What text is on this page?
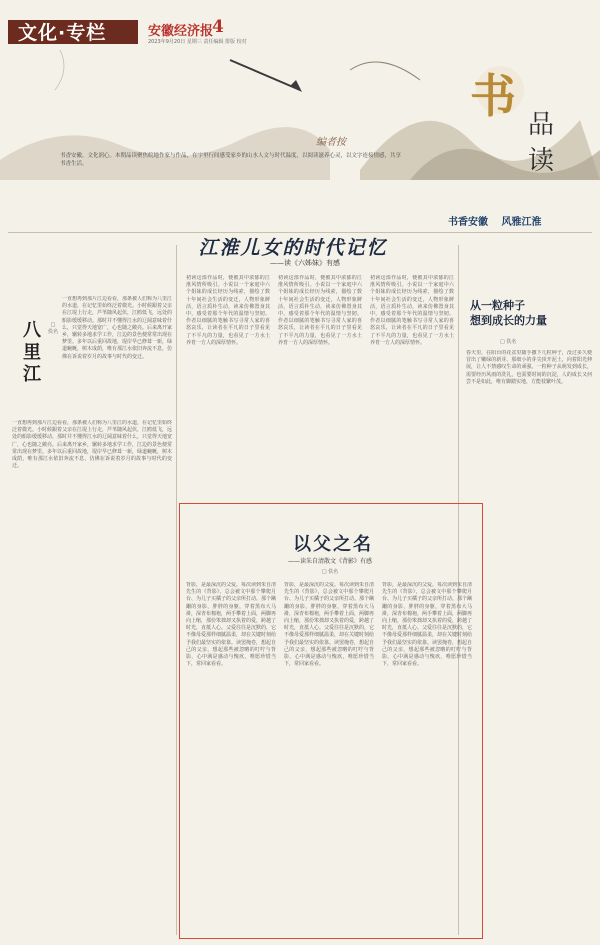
文化·专栏	安徽经济报
4
2023年9月20日 星期三 责任编辑 排版 校对
书
品
读
编者按
书香安徽，文化润心。本期品读聚焦皖地作家与作品，在字里行间感受家乡的山水人文与时代温度，以阅读滋养心灵，以文字连接情感，共享书香生活。
书香安徽 风雅江淮
八里江
□ 佚名
一直想再到那片江边看看，那条被人们称为八里江的水道，在记忆里始终泛着微光。小时候跟着父亲在江堤上行走，芦苇随风起伏，江鸥低飞，远处的船影缓缓移动。那时并不懂得江水的辽阔意味着什么，只觉得天地宽广，心也随之敞亮。后来离开家乡，辗转多地求学工作，江边的景色便常常出现在梦里。多年以后重回故地，堤岸早已修葺一新，绿道蜿蜒，树木成荫，唯有那江水依旧奔流不息，仿佛在诉说着岁月的故事与时代的变迁。
一直想再到那片江边看看，那条被人们称为八里江的水道，在记忆里始终泛着微光。小时候跟着父亲在江堤上行走，芦苇随风起伏，江鸥低飞，远处的船影缓缓移动。那时并不懂得江水的辽阔意味着什么，只觉得天地宽广，心也随之敞亮。后来离开家乡，辗转多地求学工作，江边的景色便常常出现在梦里。多年以后重回故地，堤岸早已修葺一新，绿道蜿蜒，树木成荫，唯有那江水依旧奔流不息，仿佛在诉说着岁月的故事与时代的变迁。
江淮儿女的时代记忆
——读《六姊妹》有感
初读这部作品时，便被其中浓郁的江淮风情所吸引。小说以一个家庭中六个姐妹的成长经历为线索，描绘了数十年间社会生活的变迁，人物形象鲜活，语言质朴生动，读来仿佛置身其中，感受着那个年代的温情与坚韧。作者以细腻的笔触书写寻常人家的喜怒哀乐，让读者在平凡的日子里看见了不平凡的力量，也看见了一方水土养育一方人的深厚情怀。
初读这部作品时，便被其中浓郁的江淮风情所吸引。小说以一个家庭中六个姐妹的成长经历为线索，描绘了数十年间社会生活的变迁，人物形象鲜活，语言质朴生动，读来仿佛置身其中，感受着那个年代的温情与坚韧。作者以细腻的笔触书写寻常人家的喜怒哀乐，让读者在平凡的日子里看见了不平凡的力量，也看见了一方水土养育一方人的深厚情怀。
初读这部作品时，便被其中浓郁的江淮风情所吸引。小说以一个家庭中六个姐妹的成长经历为线索，描绘了数十年间社会生活的变迁，人物形象鲜活，语言质朴生动，读来仿佛置身其中，感受着那个年代的温情与坚韧。作者以细腻的笔触书写寻常人家的喜怒哀乐，让读者在平凡的日子里看见了不平凡的力量，也看见了一方水土养育一方人的深厚情怀。
从一粒种子
想到成长的力量
□ 佚名
春天里，在阳台的花盆里随手撒下几粒种子，没过多久便冒出了嫩绿的新芽。那细小的芽尖顶开泥土，向着阳光伸展，让人不禁感叹生命的顽强。一粒种子从萌发到成长，需要经历风雨的洗礼，也需要时间的沉淀，人的成长又何尝不是如此，唯有脚踏实地，方能枝繁叶茂。
以父之名
——读朱自清散文《背影》有感
□ 佚名
背影，是最深沉的父爱。每次读到朱自清先生的《背影》，总会被文中那个攀爬月台、为儿子买橘子的父亲所打动。那个蹒跚的身影，胖胖的身躯，穿着黑布大马褂，深青布棉袍，两手攀着上面，两脚再向上缩，那份笨拙却又执着的爱，跨越了时光，直抵人心。父爱往往是沉默的，它不像母爱那样细腻温柔，却在关键时刻给予我们最坚实的依靠。读罢掩卷，想起自己的父亲，想起那些被忽略的叮咛与背影，心中满是感动与愧疚，唯愿珍惜当下，常回家看看。
背影，是最深沉的父爱。每次读到朱自清先生的《背影》，总会被文中那个攀爬月台、为儿子买橘子的父亲所打动。那个蹒跚的身影，胖胖的身躯，穿着黑布大马褂，深青布棉袍，两手攀着上面，两脚再向上缩，那份笨拙却又执着的爱，跨越了时光，直抵人心。父爱往往是沉默的，它不像母爱那样细腻温柔，却在关键时刻给予我们最坚实的依靠。读罢掩卷，想起自己的父亲，想起那些被忽略的叮咛与背影，心中满是感动与愧疚，唯愿珍惜当下，常回家看看。
背影，是最深沉的父爱。每次读到朱自清先生的《背影》，总会被文中那个攀爬月台、为儿子买橘子的父亲所打动。那个蹒跚的身影，胖胖的身躯，穿着黑布大马褂，深青布棉袍，两手攀着上面，两脚再向上缩，那份笨拙却又执着的爱，跨越了时光，直抵人心。父爱往往是沉默的，它不像母爱那样细腻温柔，却在关键时刻给予我们最坚实的依靠。读罢掩卷，想起自己的父亲，想起那些被忽略的叮咛与背影，心中满是感动与愧疚，唯愿珍惜当下，常回家看看。
